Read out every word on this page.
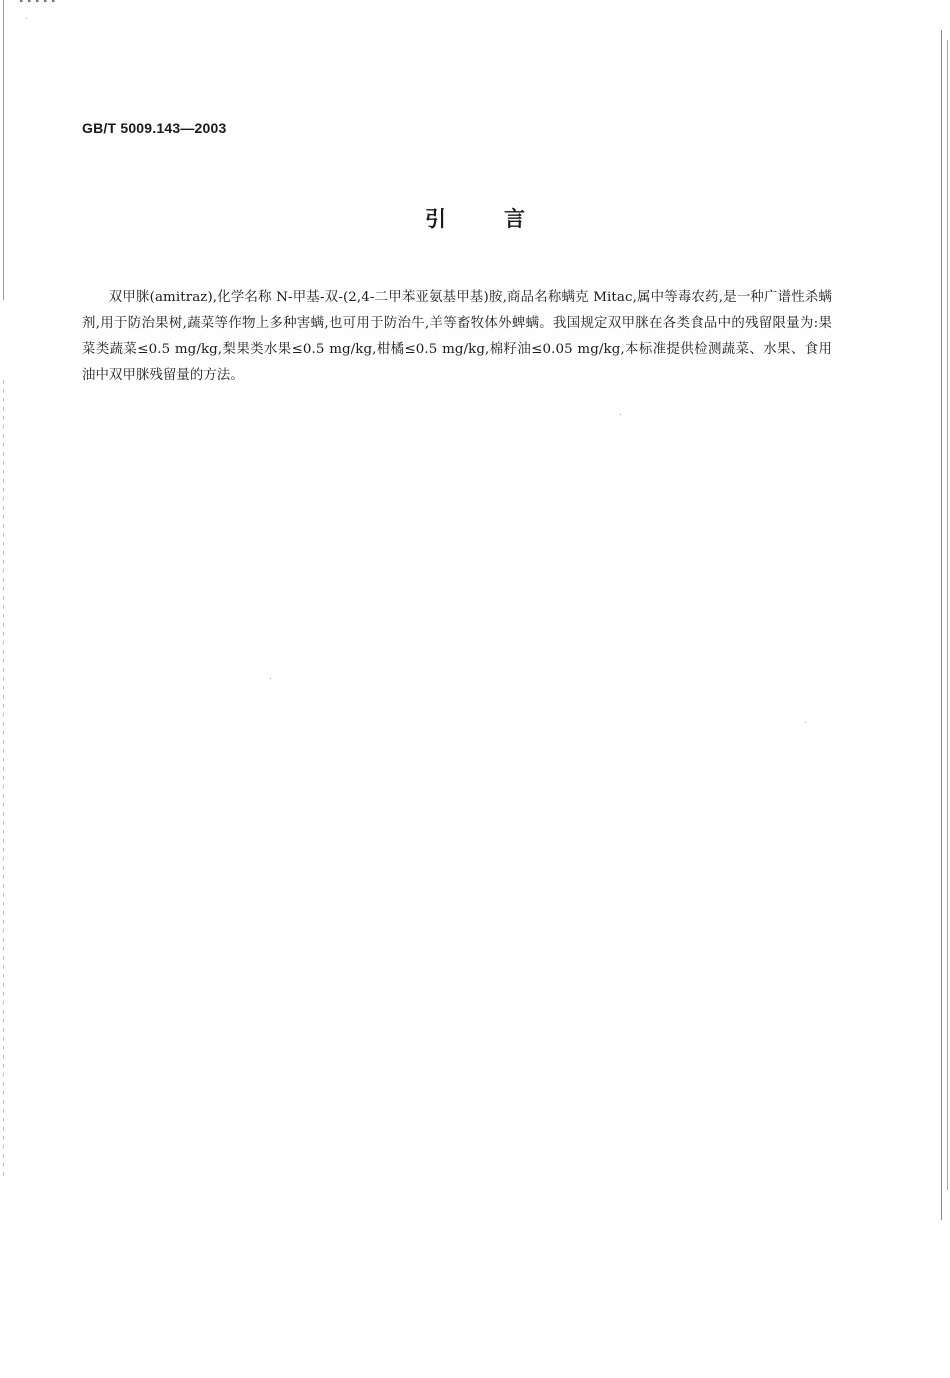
GB/T 5009.143—2003
引	言

双甲脒(amitraz),化学名称 N-甲基-双-(2,4-二甲苯亚氨基甲基)胺,商品名称螨克 Mitac,属中等毒农药,是一种广谱性杀螨剂,用于防治果树,蔬菜等作物上多种害螨,也可用于防治牛,羊等畜牧体外蜱螨。我国规定双甲脒在各类食品中的残留限量为:果菜类蔬菜≤0.5 mg/kg,梨果类水果≤0.5 mg/kg,柑橘≤0.5 mg/kg,棉籽油≤0.05 mg/kg,本标准提供检测蔬菜、水果、食用油中双甲脒残留量的方法。
